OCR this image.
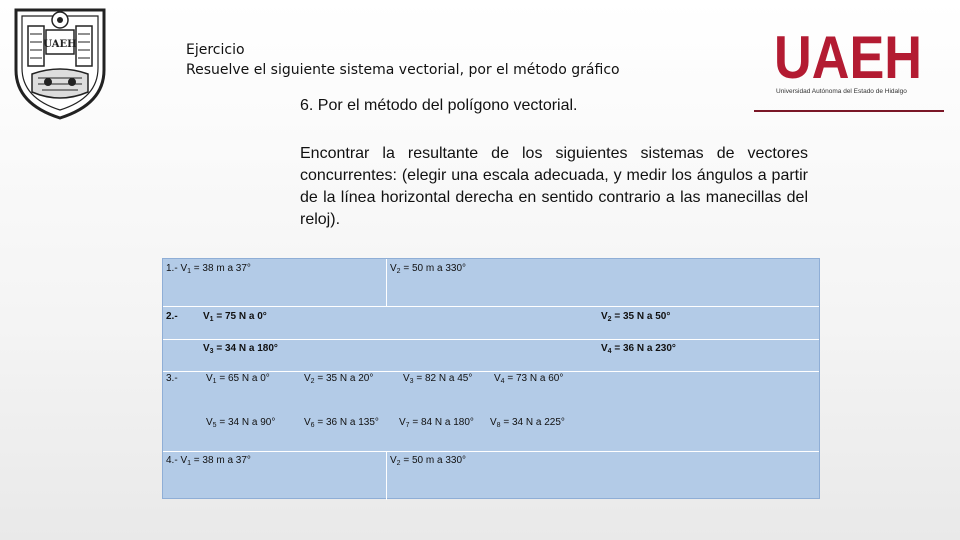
UAEH	Ejercicio
Resuelve el siguiente sistema vectorial, por el método gráfico	UAEH
Universidad Autónoma del Estado de Hidalgo
6. Por el método del polígono vectorial.
Encontrar la resultante de los siguientes sistemas de vectores concurrentes: (elegir una escala adecuada, y medir los ángulos a partir de la línea horizontal derecha en sentido contrario a las manecillas del reloj).
1.- $V_1 = 38$ m a 37°	$V_2 = 50$ m a 330°
2.-	$V_1 = 75$ N a 0°	$V_2 = 35$ N a 50°
$V_3 = 34$ N a 180°	$V_4 = 36$ N a 230°
3.-	$V_1 = 65$ N a 0°	$V_2 = 35$ N a 20°	$V_3 = 82$ N a 45° $V_4 = 73$ N a 60°
$V_5 = 34$ N a 90°	$V_6 = 36$ N a 135° $V_7 = 84$ N a 180° $V_8 = 34$ N a 225°
4.- $V_1 = 38$ m a 37°	$V_2 = 50$ m a 330°
